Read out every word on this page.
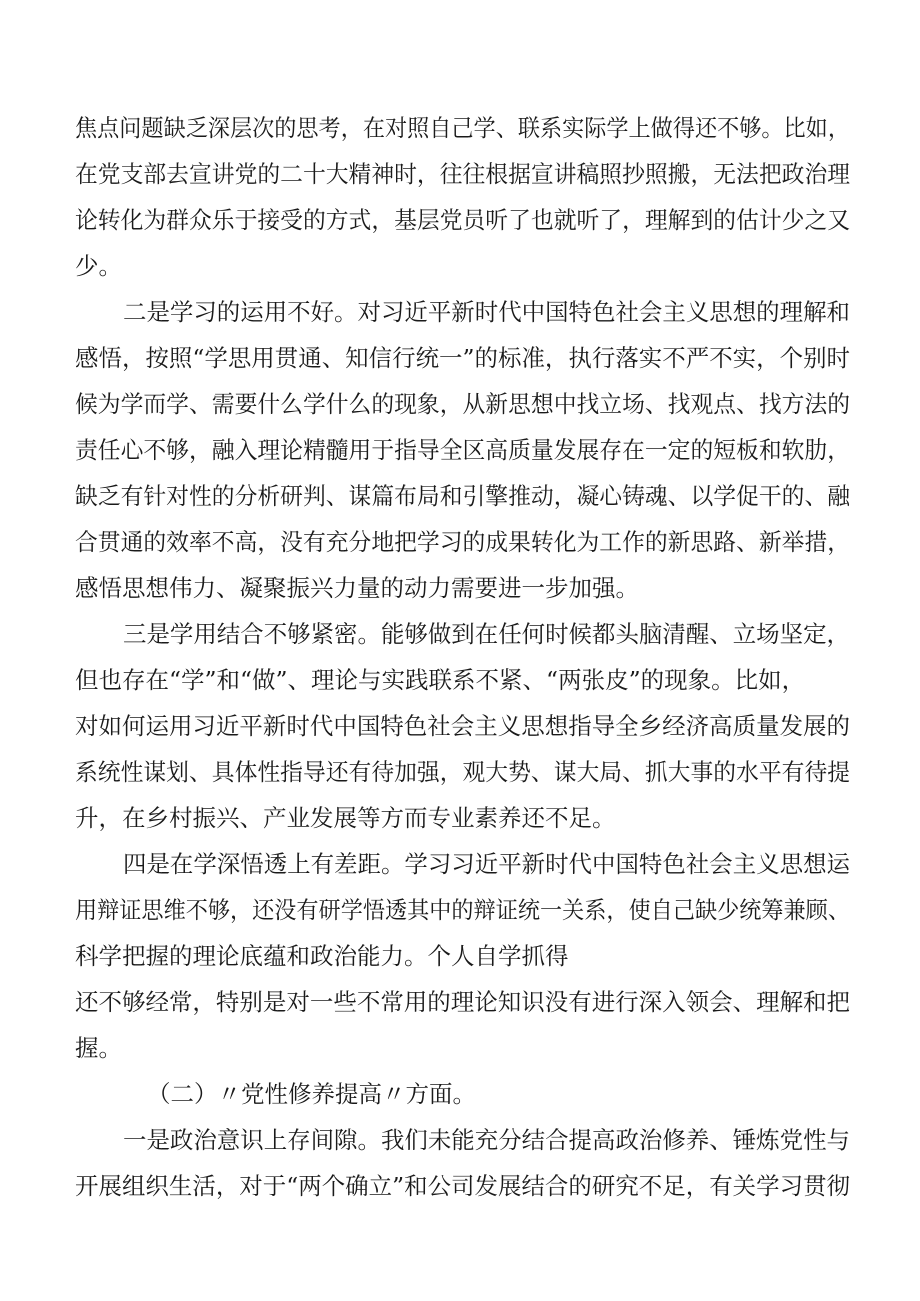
焦点问题缺乏深层次的思考，在对照自己学、联系实际学上做得还不够。比如，
在党支部去宣讲党的二十大精神时，往往根据宣讲稿照抄照搬，无法把政治理
论转化为群众乐于接受的方式，基层党员听了也就听了，理解到的估计少之又
少。
二是学习的运用不好。对习近平新时代中国特色社会主义思想的理解和
感悟，按照“学思用贯通、知信行统一”的标准，执行落实不严不实，个别时
候为学而学、需要什么学什么的现象，从新思想中找立场、找观点、找方法的
责任心不够，融入理论精髓用于指导全区高质量发展存在一定的短板和软肋，
缺乏有针对性的分析研判、谋篇布局和引擎推动，凝心铸魂、以学促干的、融
合贯通的效率不高，没有充分地把学习的成果转化为工作的新思路、新举措，
感悟思想伟力、凝聚振兴力量的动力需要进一步加强。
三是学用结合不够紧密。能够做到在任何时候都头脑清醒、立场坚定，
但也存在“学”和“做”、理论与实践联系不紧、“两张皮”的现象。比如，
对如何运用习近平新时代中国特色社会主义思想指导全乡经济高质量发展的
系统性谋划、具体性指导还有待加强，观大势、谋大局、抓大事的水平有待提
升，在乡村振兴、产业发展等方而专业素养还不足。
四是在学深悟透上有差距。学习习近平新时代中国特色社会主义思想运
用辩证思维不够，还没有研学悟透其中的辩证统一关系，使自己缺少统筹兼顾、
科学把握的理论底蕴和政治能力。个人自学抓得
还不够经常，特别是对一些不常用的理论知识没有进行深入领会、理解和把
握。
（二）〃党性修养提高〃方面。
一是政治意识上存间隙。我们未能充分结合提高政治修养、锤炼党性与
开展组织生活，对于“两个确立”和公司发展结合的研究不足，有关学习贯彻
